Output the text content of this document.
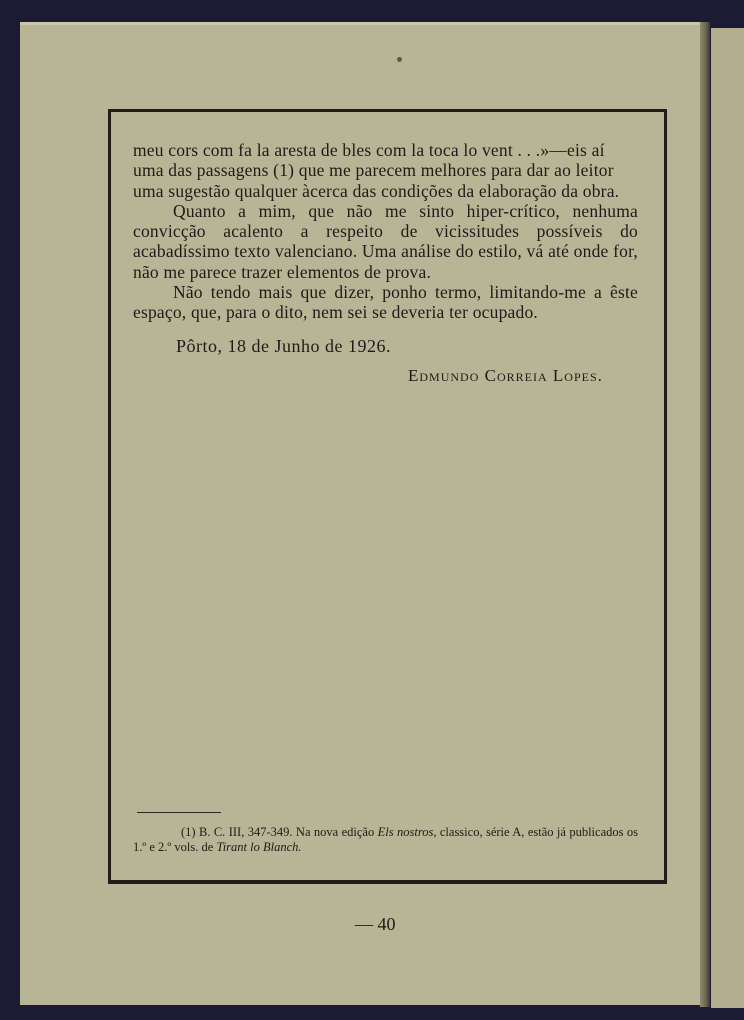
meu cors com fa la aresta de bles com la toca lo vent . . .»—eis aí

uma das passagens (1) que me parecem melhores para dar ao leitor

uma sugestão qualquer àcerca das condições da elaboração da obra.

Quanto a mim, que não me sinto hiper-crítico, nenhuma convicção acalento a respeito de vicissitudes possíveis do acabadíssimo texto valenciano. Uma análise do estilo, vá até onde for, não me parece trazer elementos de prova.

Não tendo mais que dizer, ponho termo, limitando-me a êste espaço, que, para o dito, nem sei se deveria ter ocupado.

Pôrto, 18 de Junho de 1926.
Edmundo Correia Lopes.
(1) B. C. III, 347-349. Na nova edição Els nostros, classico, série A, estão já publicados os 1.º e 2.º vols. de Tirant lo Blanch.
— 40
